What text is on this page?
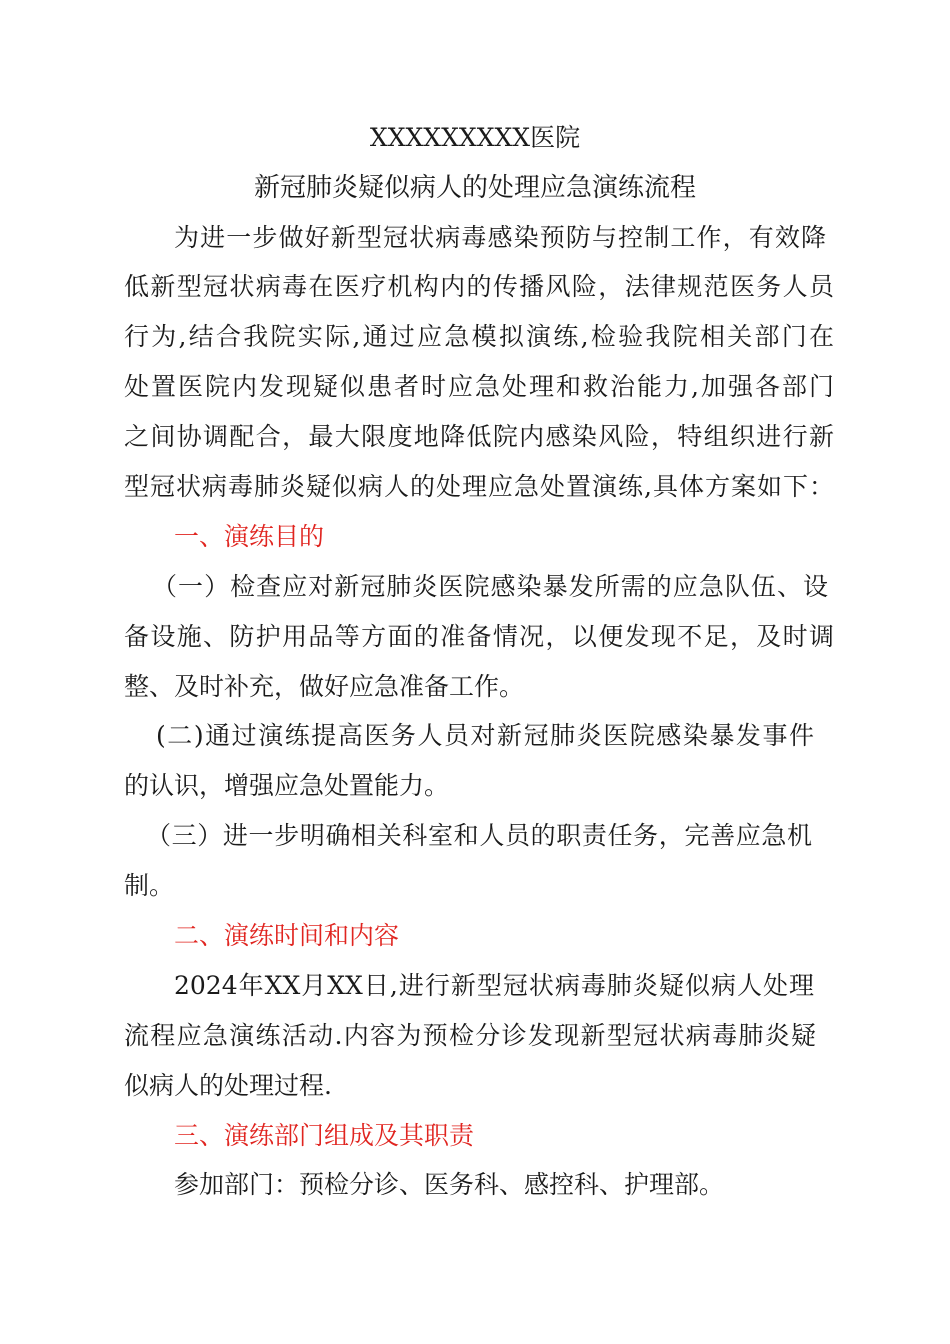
XXXXXXXXX医院
新冠肺炎疑似病人的处理应急演练流程
为进一步做好新型冠状病毒感染预防与控制工作，有效降
低新型冠状病毒在医疗机构内的传播风险，法律规范医务人员
行为,结合我院实际,通过应急模拟演练,检验我院相关部门在
处置医院内发现疑似患者时应急处理和救治能力,加强各部门
之间协调配合，最大限度地降低院内感染风险，特组织进行新
型冠状病毒肺炎疑似病人的处理应急处置演练,具体方案如下：
一、演练目的
（一）检查应对新冠肺炎医院感染暴发所需的应急队伍、设
备设施、防护用品等方面的准备情况，以便发现不足，及时调
整、及时补充，做好应急准备工作。
(二)通过演练提高医务人员对新冠肺炎医院感染暴发事件
的认识，增强应急处置能力。
（三）进一步明确相关科室和人员的职责任务，完善应急机
制。
二、演练时间和内容
2024年XX月XX日,进行新型冠状病毒肺炎疑似病人处理
流程应急演练活动.内容为预检分诊发现新型冠状病毒肺炎疑
似病人的处理过程.
三、演练部门组成及其职责
参加部门：预检分诊、医务科、感控科、护理部。
